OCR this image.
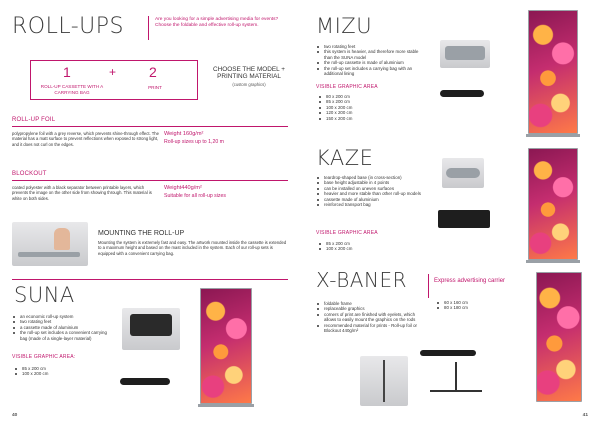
ROLL-UPS	Are you looking for a simple advertising media for events? Choose the foldable and effective roll-up system.
1	+ 2
ROLL-UP CASSETTE WITH A CARRYING BAG
PRINT
CHOOSE THE MODEL + PRINTING MATERIAL
(custom graphics)
ROLL-UP FOIL
polypropylene foil with a grey reverse, which prevents shine-through effect. The material has a matt surface to prevent reflections when exposed to strong light, and it does not curl on the edges.
Weight 160g/m²
Roll-up sizes up to 1,20 m
BLOCKOUT
coated polyester with a black separator between printable layers, which prevents the image on the other side from showing through. This material is white on both sides.
Weight440g/m²
Suitable for all roll-up sizes
MOUNTING THE ROLL-UP
Mounting the system is extremely fast and easy. The artwork mounted inside the cassette is extended to a maximum height and based on the mast included in the system. Each of our roll-up sets is equipped with a convenient carrying bag.
SUNA
an economic roll-up system
two rotating feet
a cassette made of aluminium
the roll-up set includes a convenient carrying bag (made of a single-layer material)
VISIBLE GRAPHIC AREA:
85 x 200 cm
100 x 200 cm
40
MIZU
two rotating feet
this system is heavier, and therefore more stable than the SUNA model
the roll-up cassette is made of aluminium
the roll-up set includes a carrying bag with an additional lining
VISIBLE GRAPHIC AREA
80 x 200 cm
85 x 200 cm
100 x 200 cm
120 x 200 cm
150 x 200 cm
KAZE
teardrop-shaped base (in cross-section)
base height adjustable in 4 points
can be installed on uneven surfaces
heavier and more stable than other roll-up models
cassette made of aluminium
reinforced transport bag
VISIBLE GRAPHIC AREA
85 x 200 cm
100 x 200 cm
X-BANER	Express advertising carrier
foldable frame
replaceable graphics
corners of print are finished with eyelets, which allows to easily mount the graphics on the rods
recommended material for prints - Roll-up foil or Blockout 440g/m²
60 x 160 cm
80 x 180 cm
41
